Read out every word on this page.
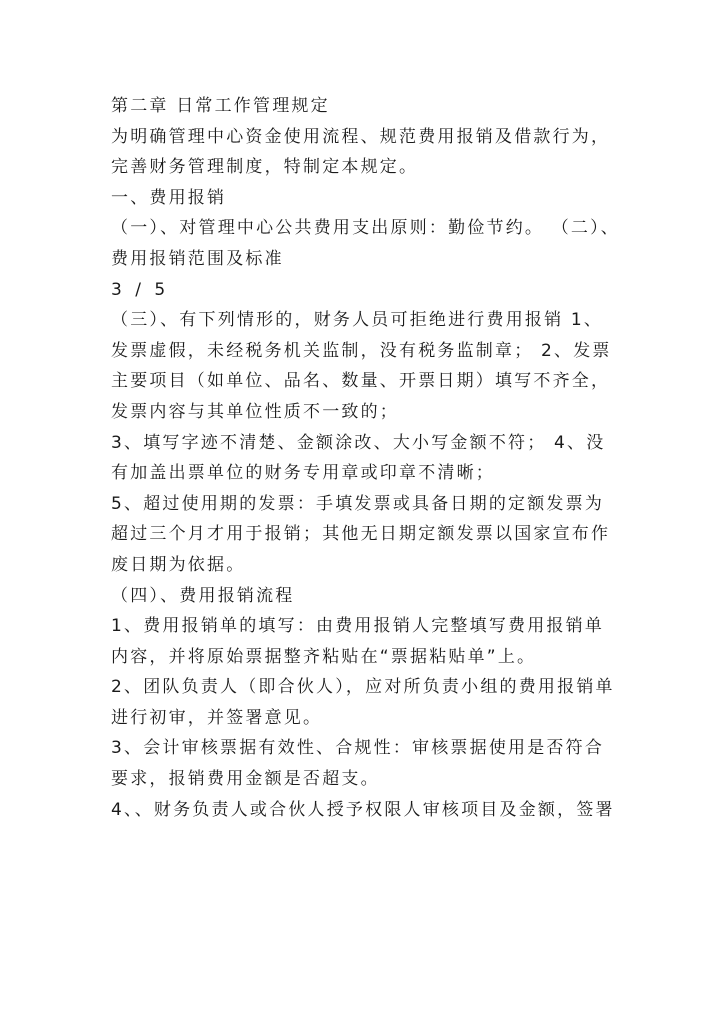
第二章 日常工作管理规定
为明确管理中心资金使用流程、规范费用报销及借款行为，
完善财务管理制度，特制定本规定。
一、费用报销
（一）、对管理中心公共费用支出原则：勤俭节约。 （二）、
费用报销范围及标准
3 / 5
（三）、有下列情形的，财务人员可拒绝进行费用报销 1、
发票虚假，未经税务机关监制，没有税务监制章； 2、发票
主要项目（如单位、品名、数量、开票日期）填写不齐全，
发票内容与其单位性质不一致的；
3、填写字迹不清楚、金额涂改、大小写金额不符； 4、没
有加盖出票单位的财务专用章或印章不清晰；
5、超过使用期的发票：手填发票或具备日期的定额发票为
超过三个月才用于报销；其他无日期定额发票以国家宣布作
废日期为依据。
（四）、费用报销流程
1、费用报销单的填写：由费用报销人完整填写费用报销单
内容，并将原始票据整齐粘贴在“票据粘贴单”上。
2、团队负责人（即合伙人），应对所负责小组的费用报销单
进行初审，并签署意见。
3、会计审核票据有效性、合规性：审核票据使用是否符合
要求，报销费用金额是否超支。
4、、财务负责人或合伙人授予权限人审核项目及金额，签署
